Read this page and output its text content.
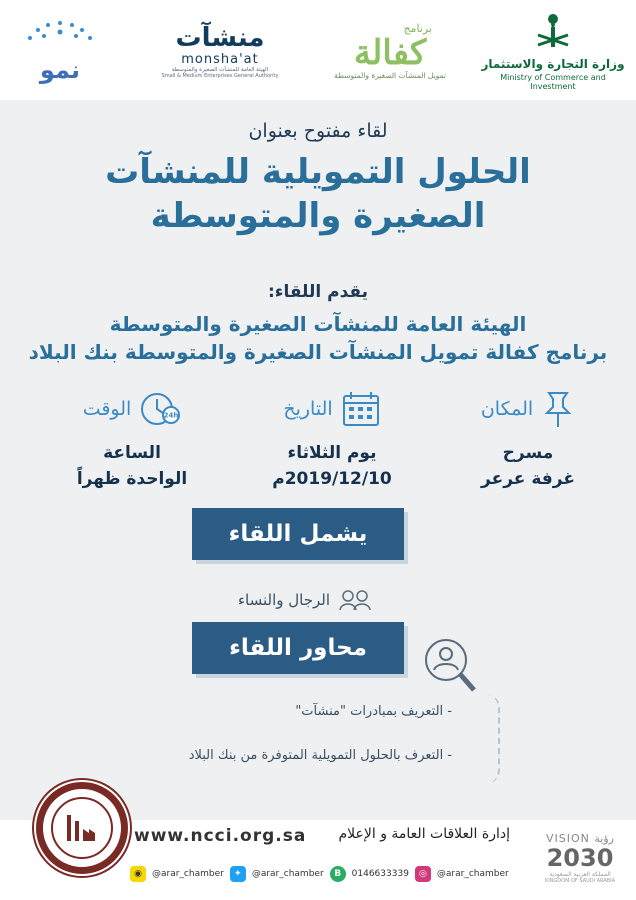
وزارة التجارة والاستثمار
Ministry of Commerce and Investment
برنامج
كفالة
تمويل المنشآت الصغيرة والمتوسطة
منشآت
monsha'at
الهيئة العامة للمنشآت الصغيرة والمتوسطة
Small & Medium Enterprises General Authority
نمو
لقاء مفتوح بعنوان
الحلول التمويلية للمنشآت
الصغيرة والمتوسطة
يقدم اللقاء:
الهيئة العامة للمنشآت الصغيرة والمتوسطة
برنامج كفالة تمويل المنشآت الصغيرة والمتوسطة بنك البلاد
المكان
مسرح
غرفة عرعر
التاريخ
يوم الثلاثاء
2019/12/10م
24h
الوقت
الساعة
الواحدة ظهراً
يشمل اللقاء
الرجال والنساء
محاور اللقاء
- التعريف بمبادرات "منشآت"
- التعرف بالحلول التمويلية المتوفرة من بنك البلاد
www.ncci.org.sa	إدارة العلاقات العامة و الإعلام
◉	@arar_chamber	✦	@arar_chamber	B	0146633339	◎	@arar_chamber
VISION رؤية
2030
المملكة العربية السعودية
KINGDOM OF SAUDI ARABIA
